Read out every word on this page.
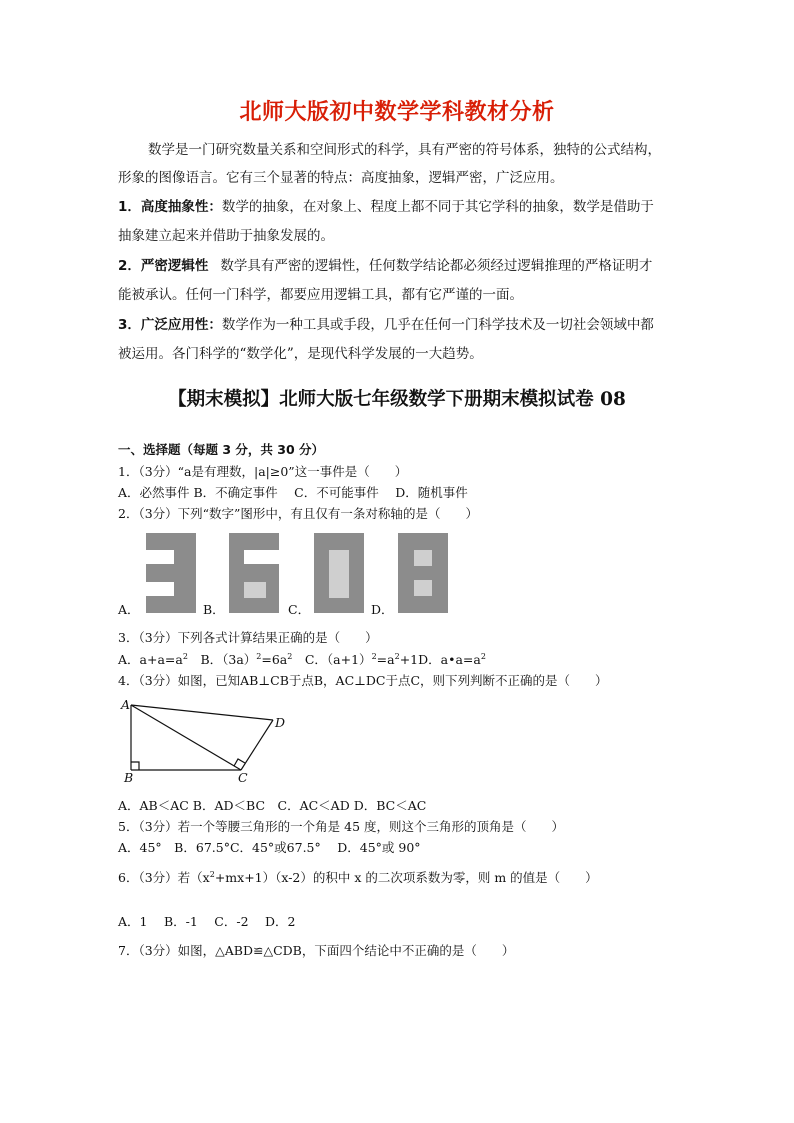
北师大版初中数学学科教材分析
数学是一门研究数量关系和空间形式的科学，具有严密的符号体系，独特的公式结构，
形象的图像语言。它有三个显著的特点：高度抽象，逻辑严密，广泛应用。
1．高度抽象性：数学的抽象，在对象上、程度上都不同于其它学科的抽象，数学是借助于
抽象建立起来并借助于抽象发展的。
2．严密逻辑性 数学具有严密的逻辑性，任何数学结论都必须经过逻辑推理的严格证明才
能被承认。任何一门科学，都要应用逻辑工具，都有它严谨的一面。
3．广泛应用性：数学作为一种工具或手段，几乎在任何一门科学技术及一切社会领域中都
被运用。各门科学的“数学化”，是现代科学发展的一大趋势。
【期末模拟】北师大版七年级数学下册期末模拟试卷 08
一、选择题（每题 3 分，共 30 分）
1．（3分）“a是有理数，|a|≥0”这一事件是（　　）
A．必然事件 B．不确定事件　 C．不可能事件　 D．随机事件
2．（3分）下列“数字”图形中，有且仅有一条对称轴的是（　　）
A．	B．	C．	D．
3．（3分）下列各式计算结果正确的是（　　）
A．$a+a=a^2$　B．$(3a)^2=6a^2$　C．$(a+1)^2=a^2+1D$．$a•a=a^2$
4．（3分）如图，已知AB⊥CB于点B，AC⊥DC于点C，则下列判断不正确的是（　　）
A
B	C
D
A．AB＜AC B．AD＜BC　C．AC＜AD D．BC＜AC
5．（3分）若一个等腰三角形的一个角是 45 度，则这个三角形的顶角是（　　）
A．45°　B．67.5°C．45°或67.5°　 D．45°或 90°
6．（3分）若$(x^2+mx+1)(x-2)$的积中 x 的二次项系数为零，则 m 的值是（　　）
A．1　 B．-1　 C．-2　 D．2
7．（3分）如图，△ABD≌△CDB，下面四个结论中不正确的是（　　）
